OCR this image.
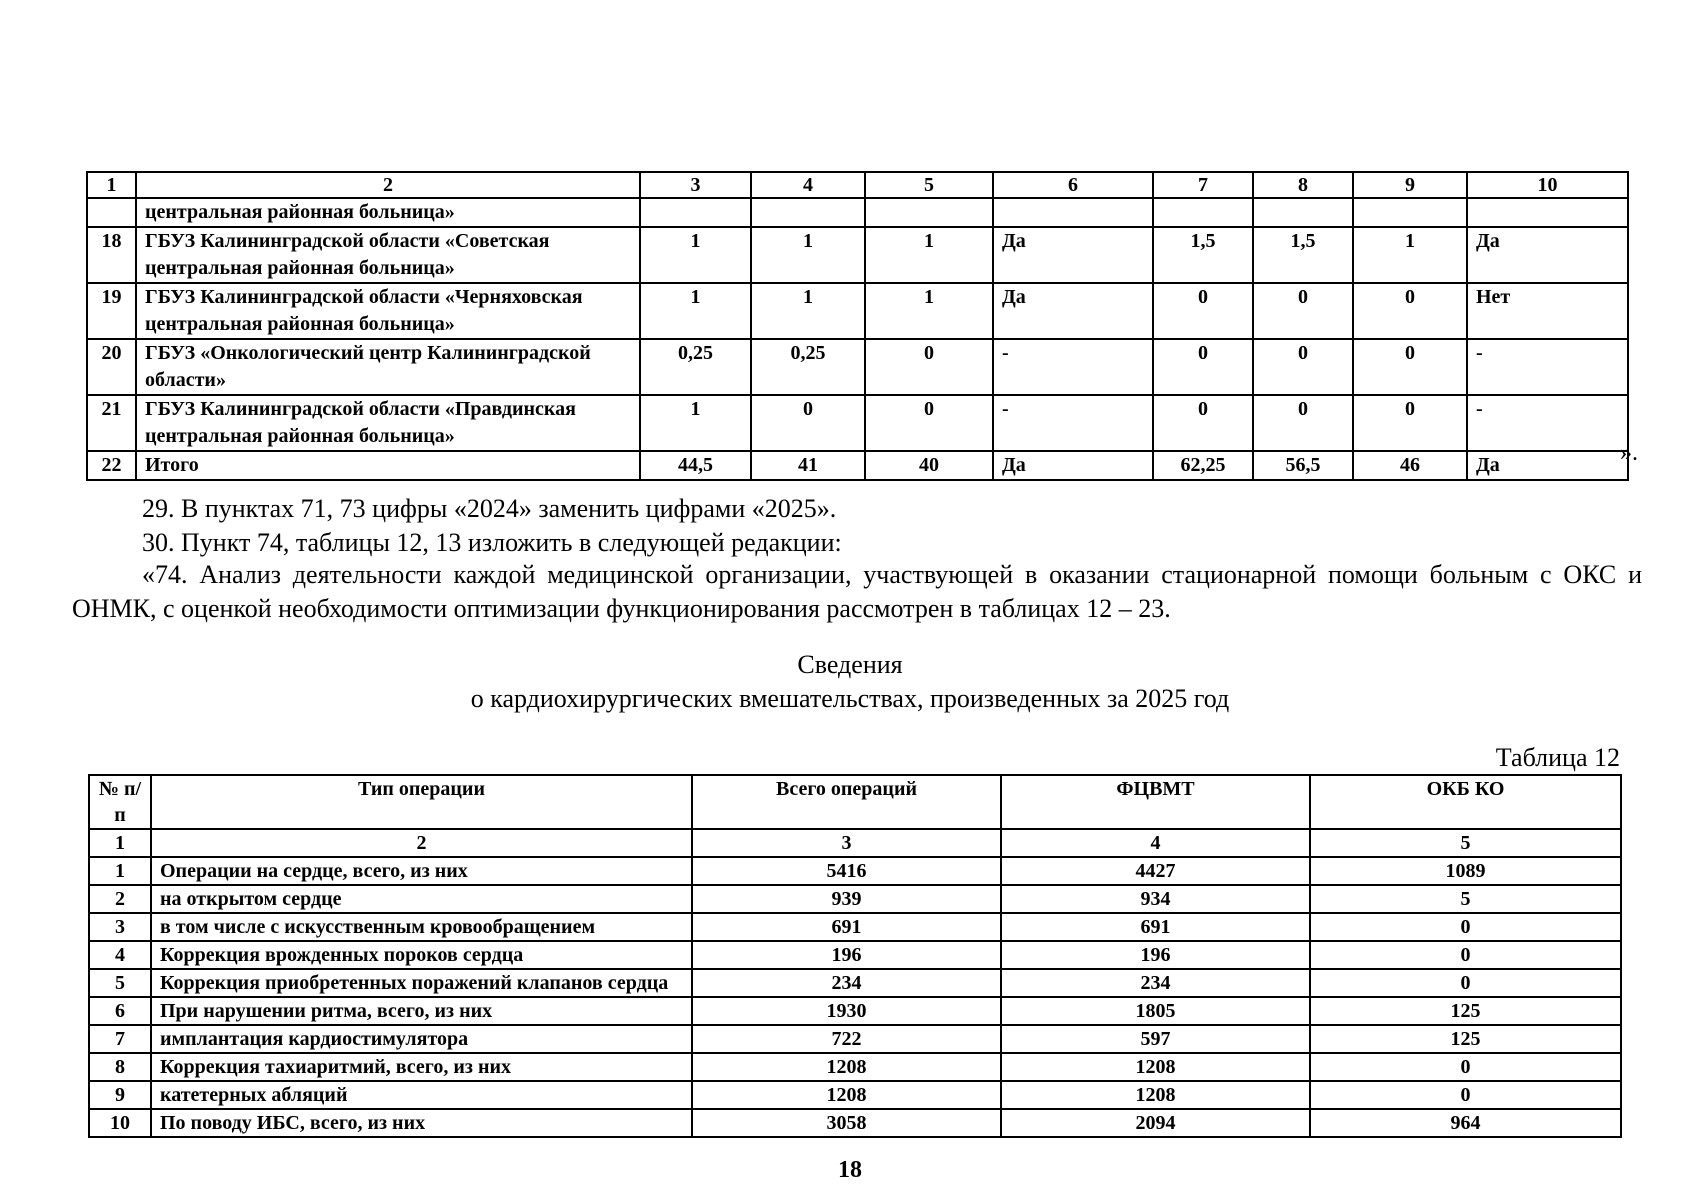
1	2	3	4	5	6	7	8	9	10
	центральная районная больница»								
18	ГБУЗ Калининградской области «Советская центральная районная больница»	1	1	1	Да	1,5	1,5	1	Да
19	ГБУЗ Калининградской области «Черняховская центральная районная больница»	1	1	1	Да	0	0	0	Нет
20	ГБУЗ «Онкологический центр Калининградской области»	0,25	0,25	0	-	0	0	0	-
21	ГБУЗ Калининградской области «Правдинская центральная районная больница»	1	0	0	-	0	0	0	-
22	Итого	44,5	41	40	Да	62,25	56,5	46	Да	».
29. В пунктах 71, 73 цифры «2024» заменить цифрами «2025».
30. Пункт 74, таблицы 12, 13 изложить в следующей редакции:
«74. Анализ деятельности каждой медицинской организации, участвующей в оказании стационарной помощи больным с ОКС и ОНМК, с оценкой необходимости оптимизации функционирования рассмотрен в таблицах 12 – 23.
Сведения
о кардиохирургических вмешательствах, произведенных за 2025 год
Таблица 12
№ п/п	Тип операции	Всего операций	ФЦВМТ	ОКБ КО
1	2	3	4	5
1	Операции на сердце, всего, из них	5416	4427	1089
2	на открытом сердце	939	934	5
3	в том числе с искусственным кровообращением	691	691	0
4	Коррекция врожденных пороков сердца	196	196	0
5	Коррекция приобретенных поражений клапанов сердца	234	234	0
6	При нарушении ритма, всего, из них	1930	1805	125
7	имплантация кардиостимулятора	722	597	125
8	Коррекция тахиаритмий, всего, из них	1208	1208	0
9	катетерных абляций	1208	1208	0
10	По поводу ИБС, всего, из них	3058	2094	964
18
